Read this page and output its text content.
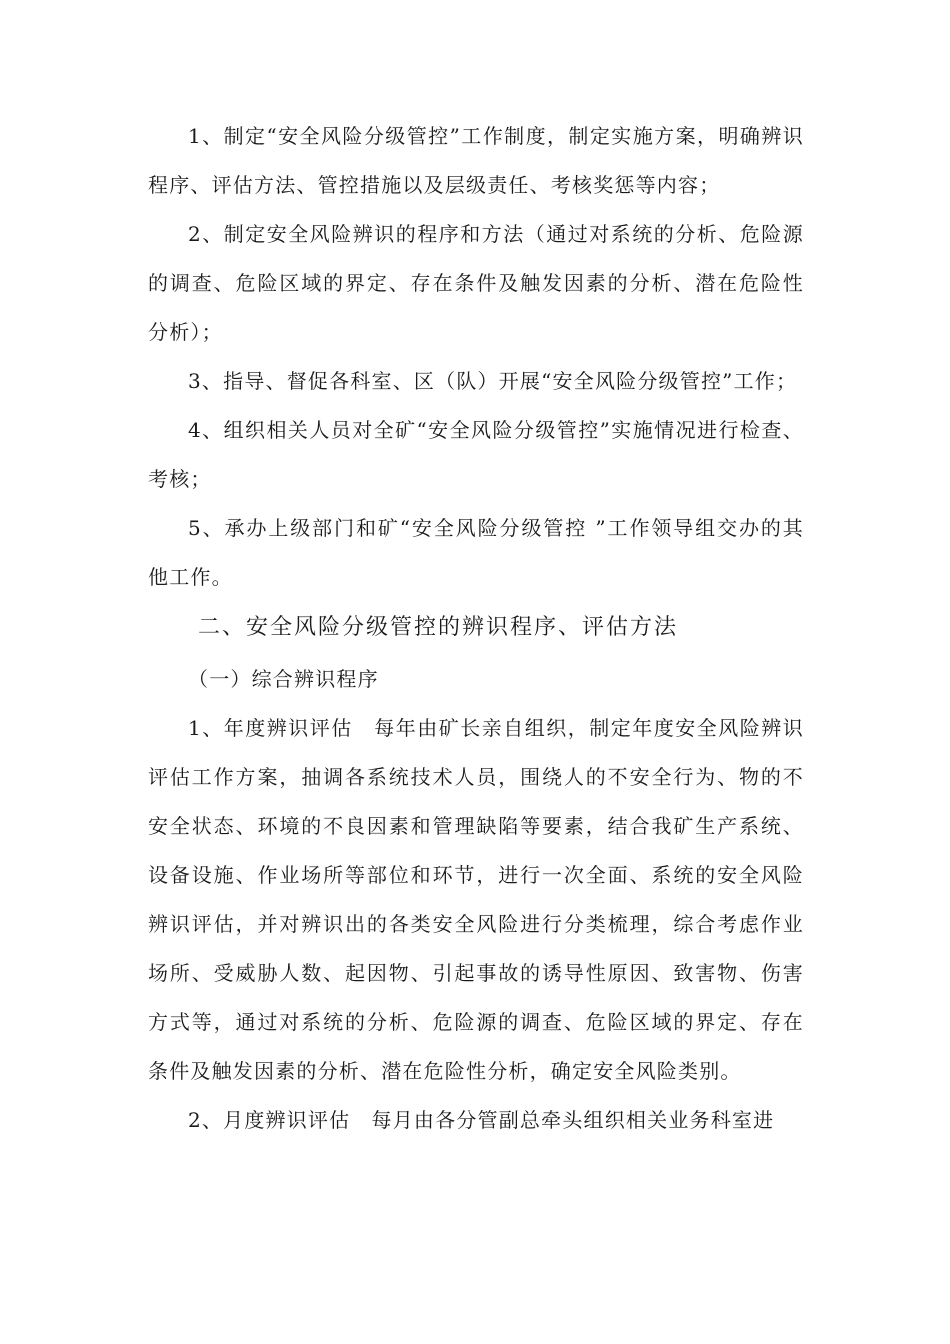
1、制定“安全风险分级管控”工作制度，制定实施方案，明确辨识程序、评估方法、管控措施以及层级责任、考核奖惩等内容；

2、制定安全风险辨识的程序和方法（通过对系统的分析、危险源的调查、危险区域的界定、存在条件及触发因素的分析、潜在危险性分析）；

3、指导、督促各科室、区（队）开展“安全风险分级管控”工作；

4、组织相关人员对全矿“安全风险分级管控”实施情况进行检查、考核；

5、承办上级部门和矿“安全风险分级管控 ”工作领导组交办的其他工作。

二、安全风险分级管控的辨识程序、评估方法

（一）综合辨识程序

1、年度辨识评估　每年由矿长亲自组织，制定年度安全风险辨识评估工作方案，抽调各系统技术人员，围绕人的不安全行为、物的不安全状态、环境的不良因素和管理缺陷等要素，结合我矿生产系统、设备设施、作业场所等部位和环节，进行一次全面、系统的安全风险辨识评估，并对辨识出的各类安全风险进行分类梳理，综合考虑作业场所、受威胁人数、起因物、引起事故的诱导性原因、致害物、伤害方式等，通过对系统的分析、危险源的调查、危险区域的界定、存在条件及触发因素的分析、潜在危险性分析，确定安全风险类别。

2、月度辨识评估　每月由各分管副总牵头组织相关业务科室进
